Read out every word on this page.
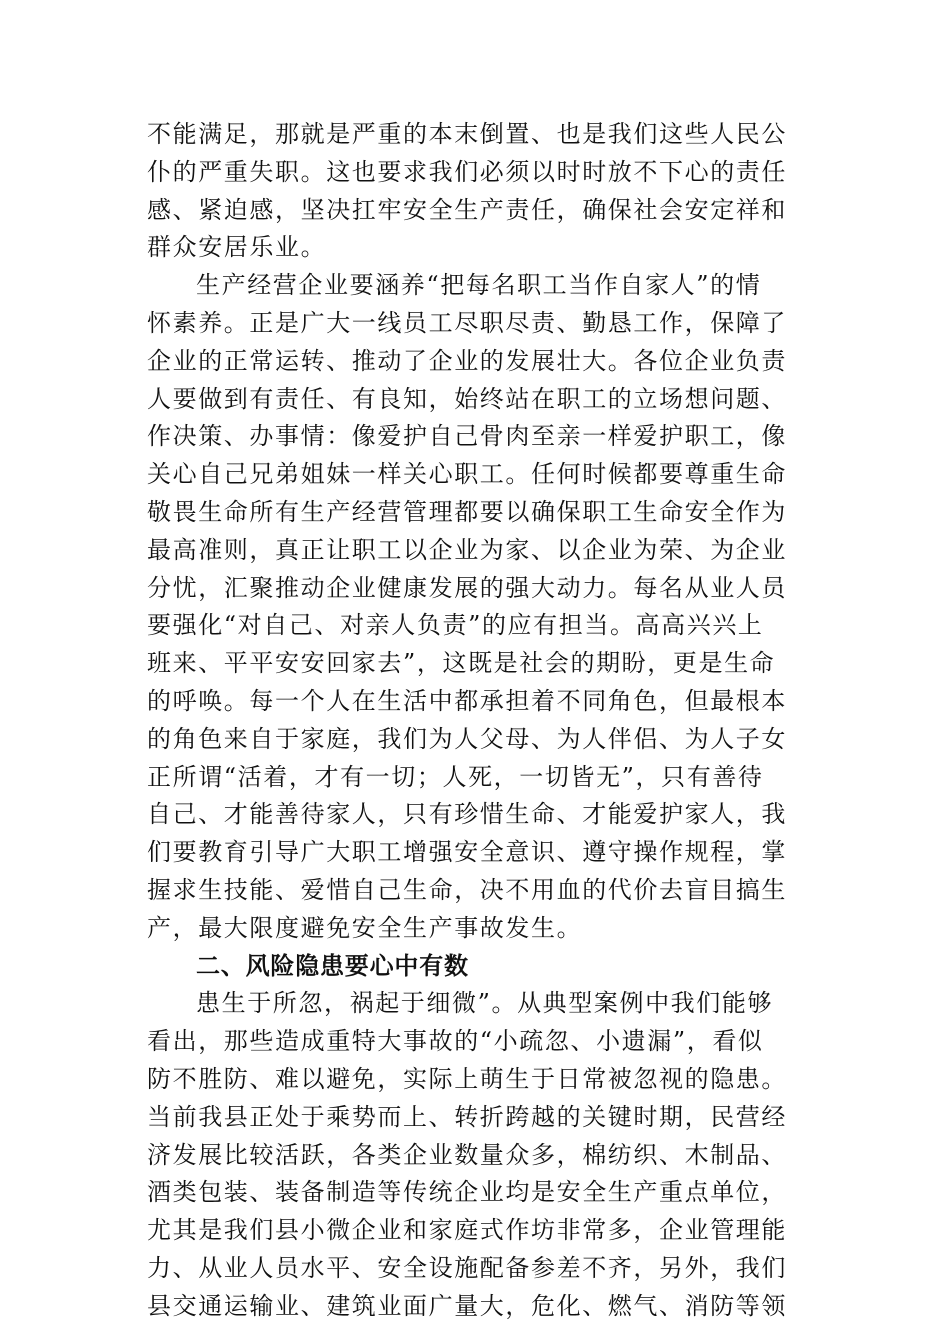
不能满足，那就是严重的本末倒置、也是我们这些人民公
仆的严重失职。这也要求我们必须以时时放不下心的责任
感、紧迫感，坚决扛牢安全生产责任，确保社会安定祥和
群众安居乐业。
生产经营企业要涵养“把每名职工当作自家人”的情
怀素养。正是广大一线员工尽职尽责、勤恳工作，保障了
企业的正常运转、推动了企业的发展壮大。各位企业负责
人要做到有责任、有良知，始终站在职工的立场想问题、
作决策、办事情：像爱护自己骨肉至亲一样爱护职工，像
关心自己兄弟姐妹一样关心职工。任何时候都要尊重生命
敬畏生命所有生产经营管理都要以确保职工生命安全作为
最高准则，真正让职工以企业为家、以企业为荣、为企业
分忧，汇聚推动企业健康发展的强大动力。每名从业人员
要强化“对自己、对亲人负责”的应有担当。高高兴兴上
班来、平平安安回家去”，这既是社会的期盼，更是生命
的呼唤。每一个人在生活中都承担着不同角色，但最根本
的角色来自于家庭，我们为人父母、为人伴侣、为人子女
正所谓“活着，才有一切；人死，一切皆无”，只有善待
自己、才能善待家人，只有珍惜生命、才能爱护家人，我
们要教育引导广大职工增强安全意识、遵守操作规程，掌
握求生技能、爱惜自己生命，决不用血的代价去盲目搞生
产，最大限度避免安全生产事故发生。
二、风险隐患要心中有数
患生于所忽，祸起于细微”。从典型案例中我们能够
看出，那些造成重特大事故的“小疏忽、小遗漏”，看似
防不胜防、难以避免，实际上萌生于日常被忽视的隐患。
当前我县正处于乘势而上、转折跨越的关键时期，民营经
济发展比较活跃，各类企业数量众多，棉纺织、木制品、
酒类包装、装备制造等传统企业均是安全生产重点单位，
尤其是我们县小微企业和家庭式作坊非常多，企业管理能
力、从业人员水平、安全设施配备参差不齐，另外，我们
县交通运输业、建筑业面广量大，危化、燃气、消防等领
